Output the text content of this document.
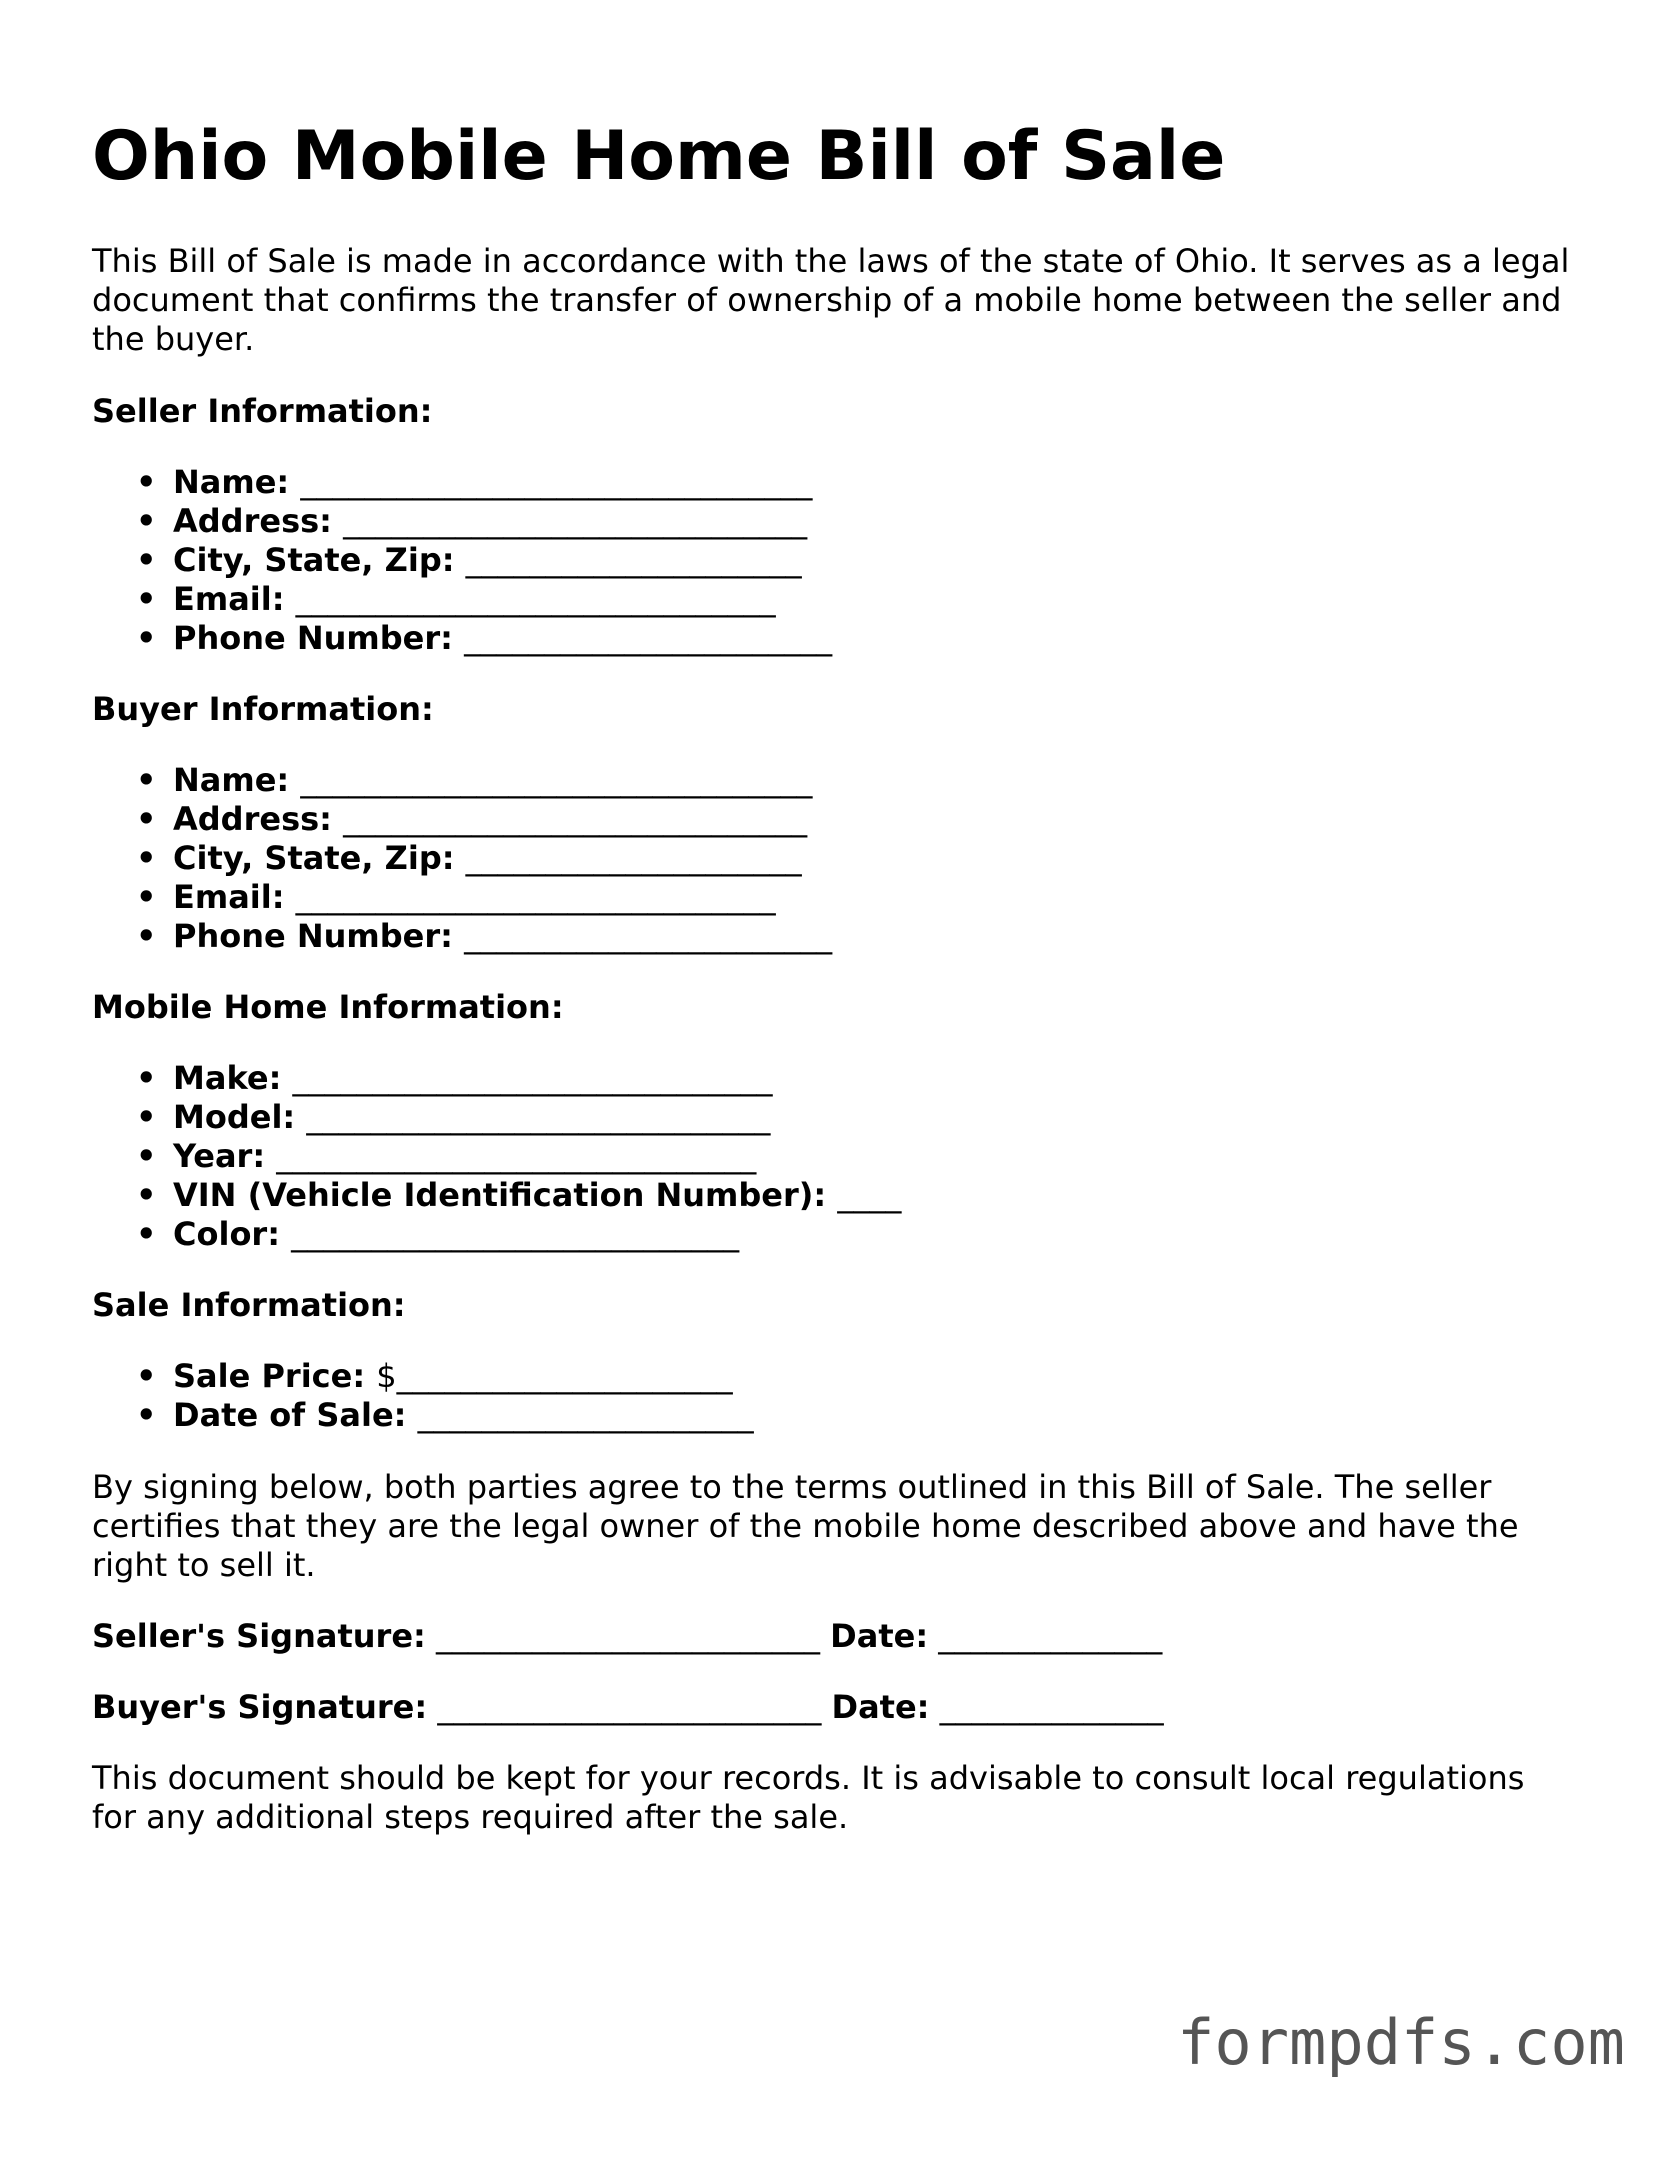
Ohio Mobile Home Bill of Sale

This Bill of Sale is made in accordance with the laws of the state of Ohio. It serves as a legal document that confirms the transfer of ownership of a mobile home between the seller and the buyer.

Seller Information:
• Name: ________________________________
• Address: _____________________________
• City, State, Zip: _____________________
• Email: ______________________________
• Phone Number: _______________________
Buyer Information:
• Name: ________________________________
• Address: _____________________________
• City, State, Zip: _____________________
• Email: ______________________________
• Phone Number: _______________________
Mobile Home Information:
• Make: ______________________________
• Model: _____________________________
• Year: ______________________________
• VIN (Vehicle Identification Number): ____
• Color: ____________________________
Sale Information:
• Sale Price: $_____________________
• Date of Sale: _____________________

By signing below, both parties agree to the terms outlined in this Bill of Sale. The seller certifies that they are the legal owner of the mobile home described above and have the right to sell it.

Seller's Signature: ________________________ Date: ______________
Buyer's Signature: ________________________ Date: ______________

This document should be kept for your records. It is advisable to consult local regulations for any additional steps required after the sale.

formpdfs.com
